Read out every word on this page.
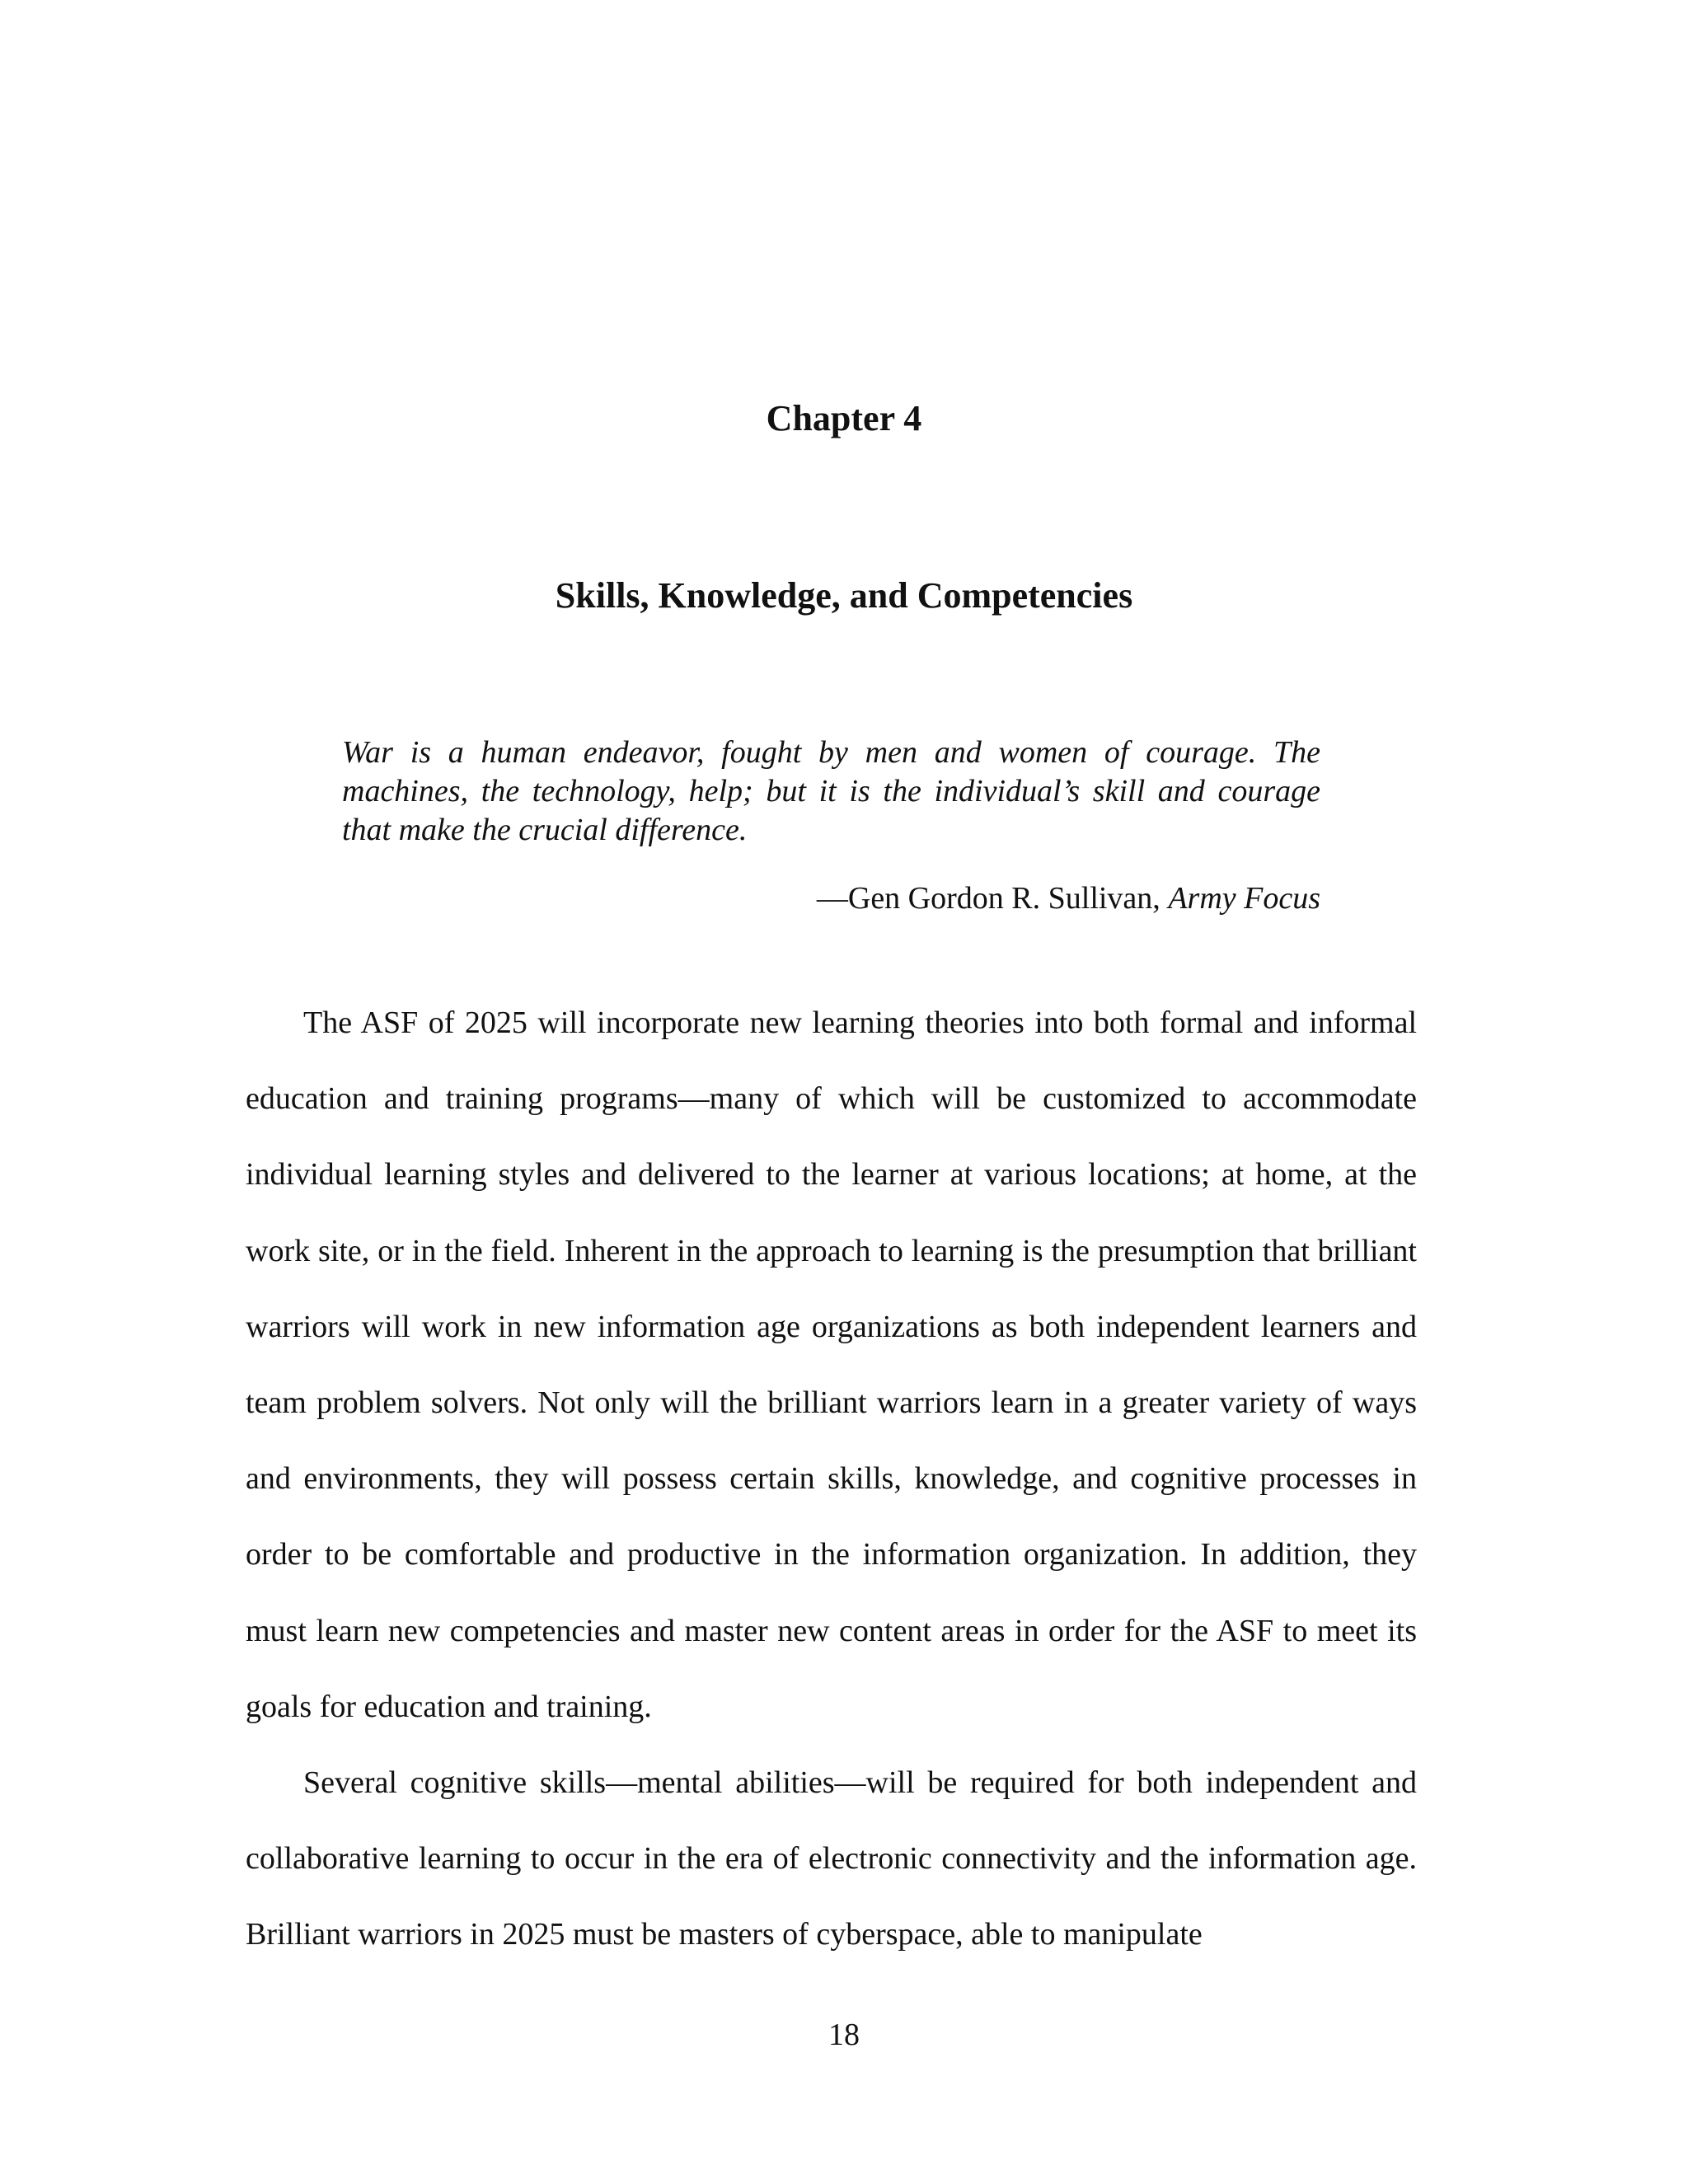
Chapter 4
Skills, Knowledge, and Competencies

War is a human endeavor, fought by men and women of courage. The machines, the technology, help; but it is the individual’s skill and courage that make the crucial difference.

—Gen Gordon R. Sullivan, Army Focus

The ASF of 2025 will incorporate new learning theories into both formal and informal education and training programs—many of which will be customized to accommodate individual learning styles and delivered to the learner at various locations; at home, at the work site, or in the field. Inherent in the approach to learning is the presumption that brilliant warriors will work in new information age organizations as both independent learners and team problem solvers. Not only will the brilliant warriors learn in a greater variety of ways and environments, they will possess certain skills, knowledge, and cognitive processes in order to be comfortable and productive in the information organization. In addition, they must learn new competencies and master new content areas in order for the ASF to meet its goals for education and training.

Several cognitive skills—mental abilities—will be required for both independent and collaborative learning to occur in the era of electronic connectivity and the information age. Brilliant warriors in 2025 must be masters of cyberspace, able to manipulate

18
